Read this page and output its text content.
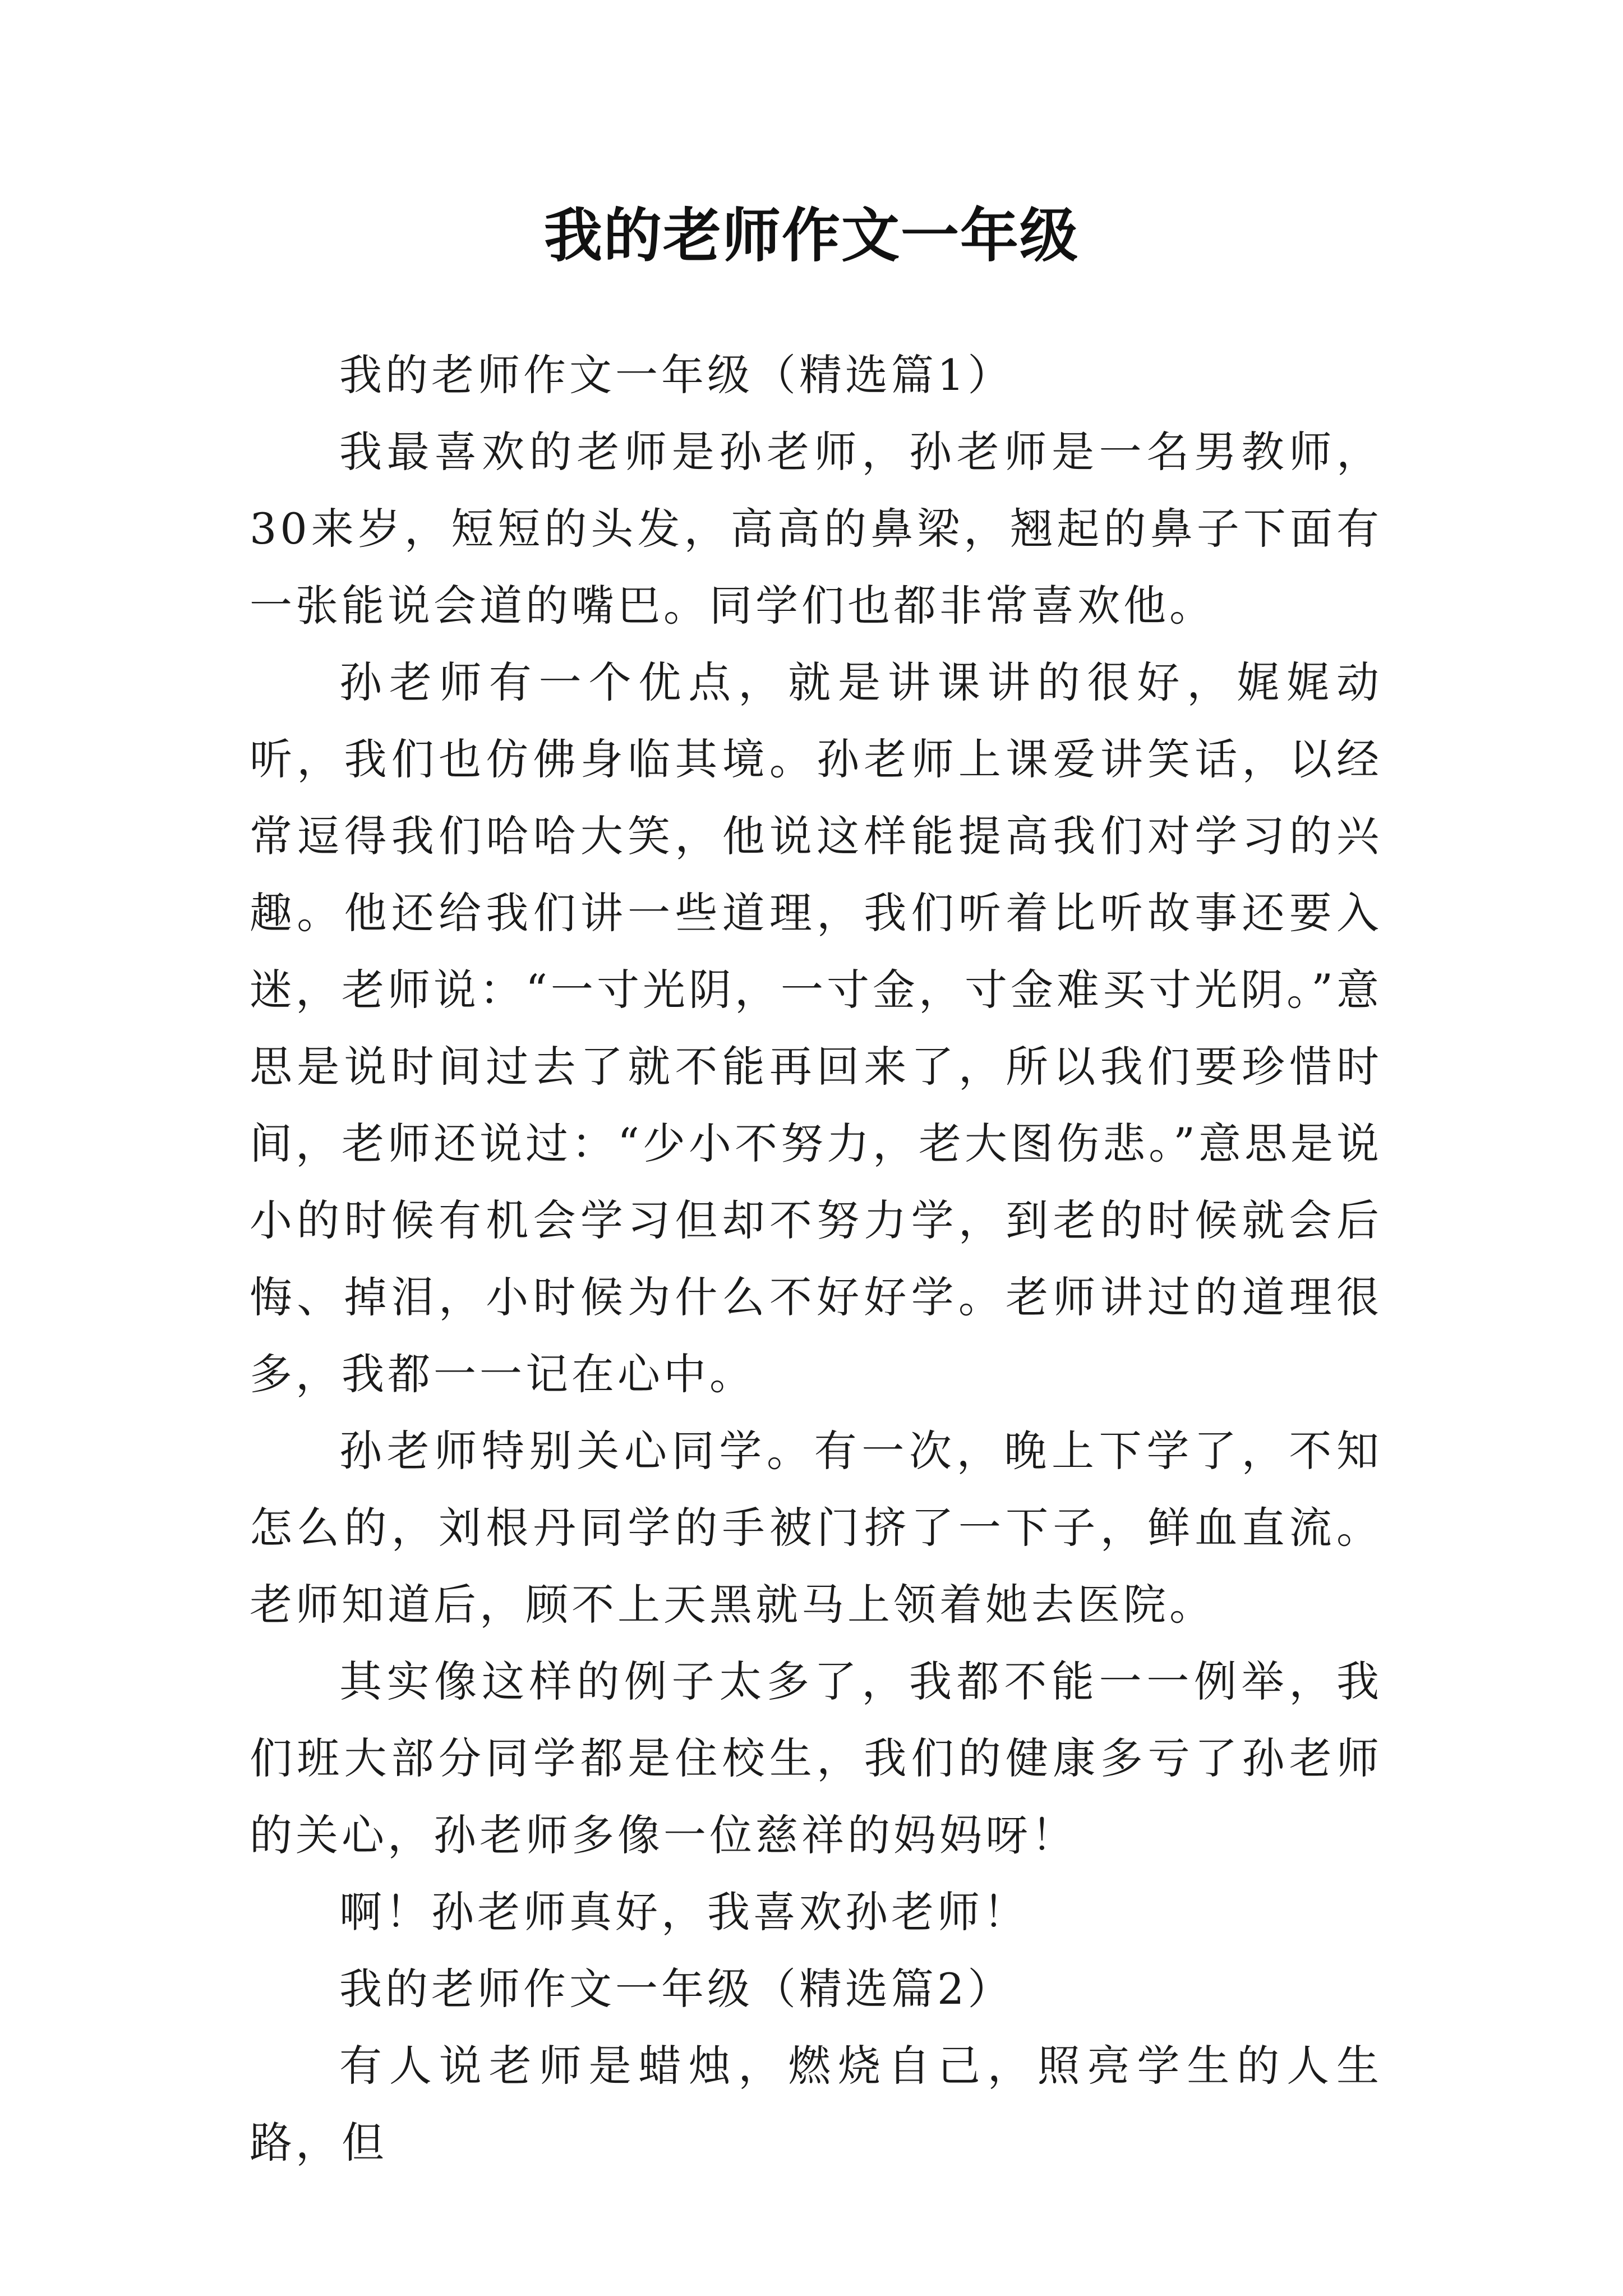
我的老师作文一年级

我的老师作文一年级（精选篇1）

我最喜欢的老师是孙老师，孙老师是一名男教师，30来岁，短短的头发，高高的鼻梁，翘起的鼻子下面有一张能说会道的嘴巴。同学们也都非常喜欢他。

孙老师有一个优点，就是讲课讲的很好，娓娓动听，我们也仿佛身临其境。孙老师上课爱讲笑话，以经常逗得我们哈哈大笑，他说这样能提高我们对学习的兴趣。他还给我们讲一些道理，我们听着比听故事还要入迷，老师说：“一寸光阴，一寸金，寸金难买寸光阴。”意思是说时间过去了就不能再回来了，所以我们要珍惜时间，老师还说过：“少小不努力，老大图伤悲。”意思是说小的时候有机会学习但却不努力学，到老的时候就会后悔、掉泪，小时候为什么不好好学。老师讲过的道理很多，我都一一记在心中。

孙老师特别关心同学。有一次，晚上下学了，不知怎么的，刘根丹同学的手被门挤了一下子，鲜血直流。老师知道后，顾不上天黑就马上领着她去医院。

其实像这样的例子太多了，我都不能一一例举，我们班大部分同学都是住校生，我们的健康多亏了孙老师的关心，孙老师多像一位慈祥的妈妈呀！

啊！孙老师真好，我喜欢孙老师！

我的老师作文一年级（精选篇2）

有人说老师是蜡烛，燃烧自己，照亮学生的人生路，但
